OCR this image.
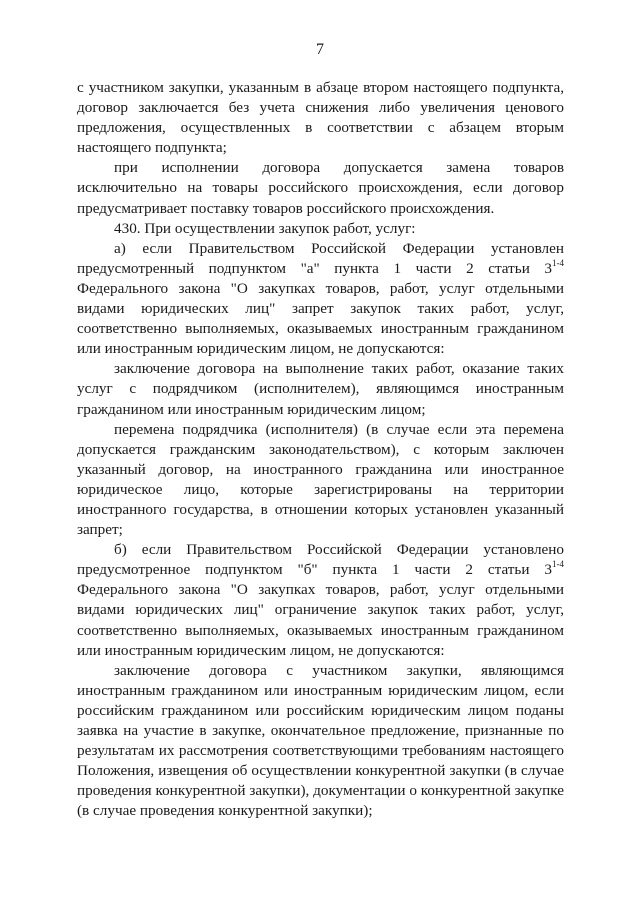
7

с участником закупки, указанным в абзаце втором настоящего подпункта, договор заключается без учета снижения либо увеличения ценового предложения, осуществленных в соответствии с абзацем вторым настоящего подпункта;

при исполнении договора допускается замена товаров исключительно на товары российского происхождения, если договор предусматривает поставку товаров российского происхождения.

430. При осуществлении закупок работ, услуг:

а) если Правительством Российской Федерации установлен предусмотренный подпунктом "а" пункта 1 части 2 статьи 3$^{1-4}$ Федерального закона "О закупках товаров, работ, услуг отдельными видами юридических лиц" запрет закупок таких работ, услуг, соответственно выполняемых, оказываемых иностранным гражданином или иностранным юридическим лицом, не допускаются:

заключение договора на выполнение таких работ, оказание таких услуг с подрядчиком (исполнителем), являющимся иностранным гражданином или иностранным юридическим лицом;

перемена подрядчика (исполнителя) (в случае если эта перемена допускается гражданским законодательством), с которым заключен указанный договор, на иностранного гражданина или иностранное юридическое лицо, которые зарегистрированы на территории иностранного государства, в отношении которых установлен указанный запрет;

б) если Правительством Российской Федерации установлено предусмотренное подпунктом "б" пункта 1 части 2 статьи 3$^{1-4}$ Федерального закона "О закупках товаров, работ, услуг отдельными видами юридических лиц" ограничение закупок таких работ, услуг, соответственно выполняемых, оказываемых иностранным гражданином или иностранным юридическим лицом, не допускаются:

заключение договора с участником закупки, являющимся иностранным гражданином или иностранным юридическим лицом, если российским гражданином или российским юридическим лицом поданы заявка на участие в закупке, окончательное предложение, признанные по результатам их рассмотрения соответствующими требованиям настоящего Положения, извещения об осуществлении конкурентной закупки (в случае проведения конкурентной закупки), документации о конкурентной закупке (в случае проведения конкурентной закупки);
